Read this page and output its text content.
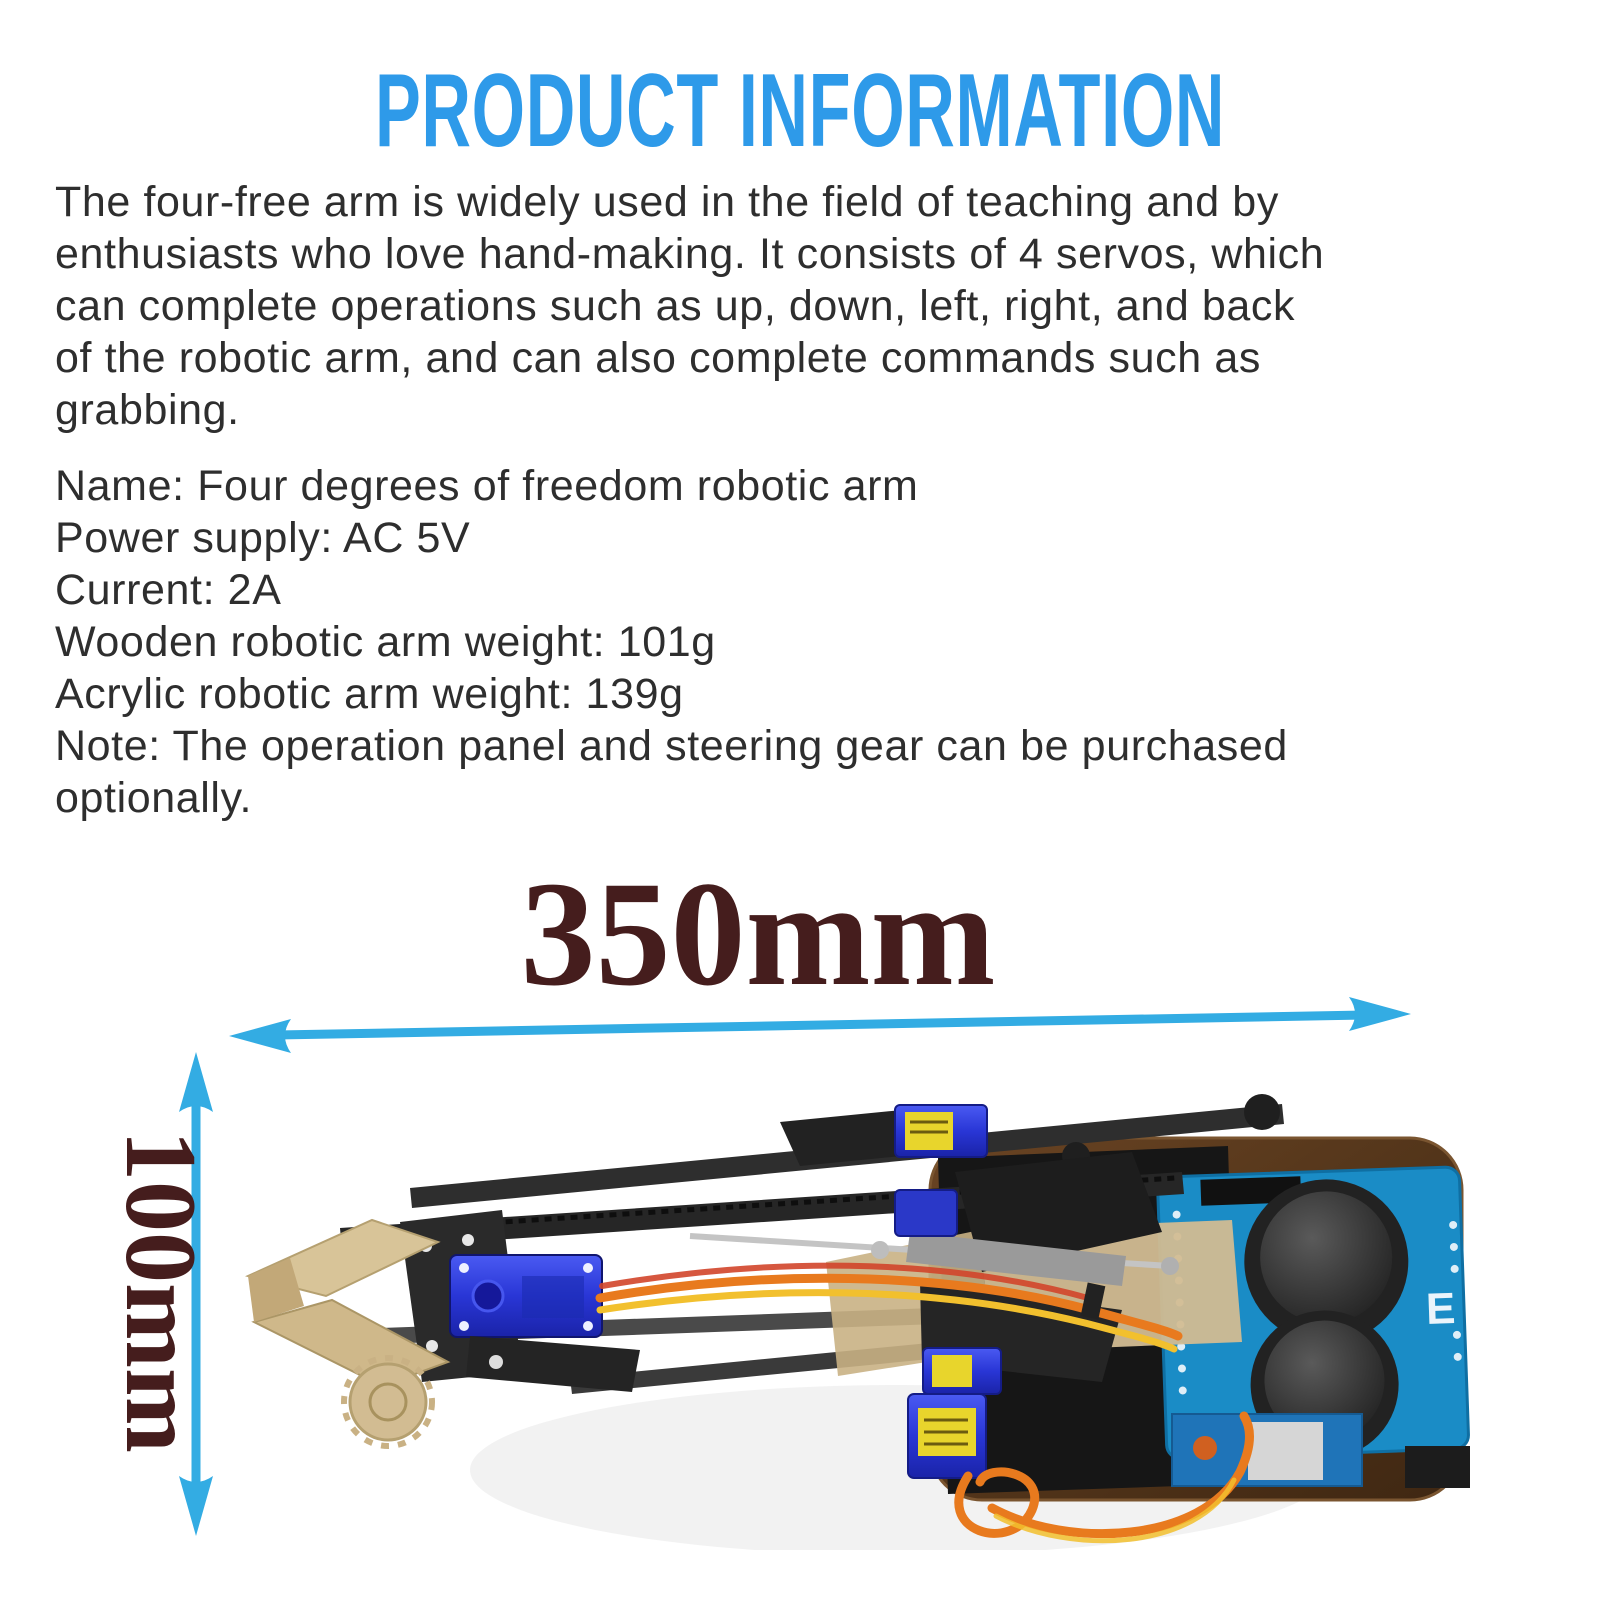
PRODUCT INFORMATION
The four-free arm is widely used in the field of teaching and by
enthusiasts who love hand-making. It consists of 4 servos, which
can complete operations such as up, down, left, right, and back
of the robotic arm, and can also complete commands such as
grabbing.
Name: Four degrees of freedom robotic arm
Power supply: AC 5V
Current: 2A
Wooden robotic arm weight: 101g
Acrylic robotic arm weight: 139g
Note: The operation panel and steering gear can be purchased
optionally.
350mm
100mm	E
